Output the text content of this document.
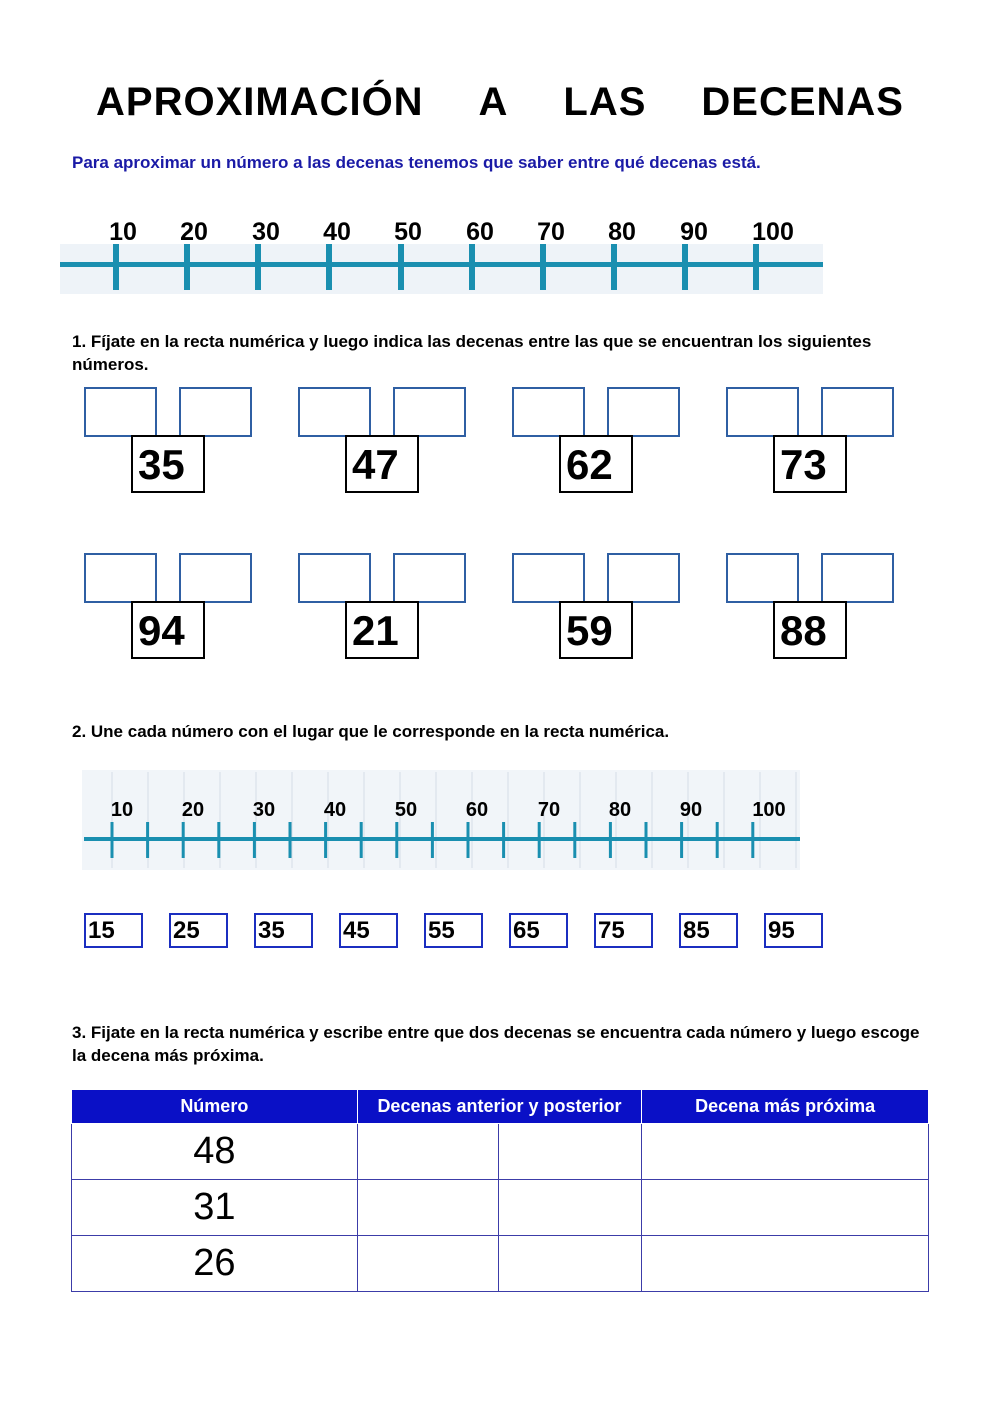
APROXIMACIÓN A LAS DECENAS
Para aproximar un número a las decenas tenemos que saber entre qué decenas está.
10 20 30 40 50 60 70 80 90 100
1. Fíjate en la recta numérica y luego indica las decenas entre las que se encuentran los siguientes números.
35	47	62	73
94	21	59	88
2. Une cada número con el lugar que le corresponde en la recta numérica.
10 20 30 40 50 60 70 80 90	100
15	25	35	45	55	65	75	85	95
3. Fijate en la recta numérica y escribe entre que dos decenas se encuentra cada número y luego escoge la decena más próxima.
Número	Decenas anterior y posterior		Decena más próxima
48			
31			
26			
